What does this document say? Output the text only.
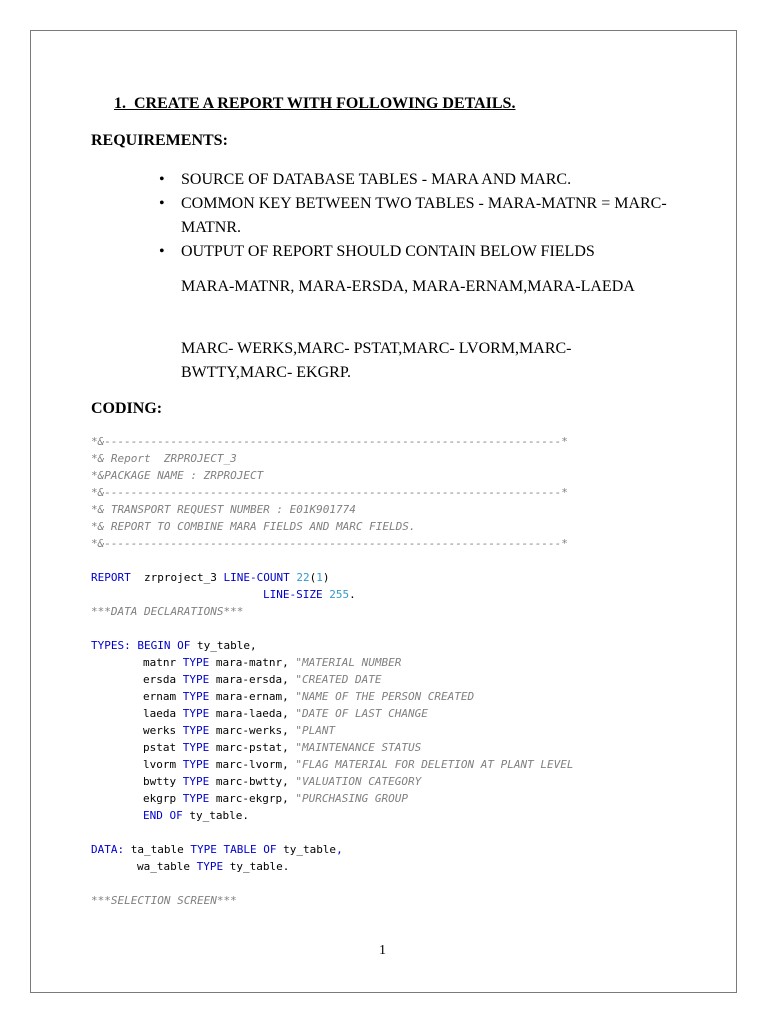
1.  CREATE A REPORT WITH FOLLOWING DETAILS.
REQUIREMENTS:
• SOURCE OF DATABASE TABLES - MARA AND MARC.
• COMMON KEY BETWEEN TWO TABLES - MARA-MATNR = MARC-MATNR.
• OUTPUT OF REPORT SHOULD CONTAIN BELOW FIELDS
MARA-MATNR, MARA-ERSDA, MARA-ERNAM,MARA-LAEDA
MARC- WERKS,MARC- PSTAT,MARC- LVORM,MARC-BWTTY,MARC- EKGRP.
CODING:
*&---------------------------------------------------------------------*
*& Report  ZRPROJECT_3
*&PACKAGE NAME : ZRPROJECT
*&---------------------------------------------------------------------*
*& TRANSPORT REQUEST NUMBER : E01K901774
*& REPORT TO COMBINE MARA FIELDS AND MARC FIELDS.
*&---------------------------------------------------------------------*
REPORT  zrproject_3 LINE-COUNT 22(1)
LINE-SIZE 255.
***DATA DECLARATIONS***
TYPES: BEGIN OF ty_table,
matnr TYPE mara-matnr, "MATERIAL NUMBER
ersda TYPE mara-ersda, "CREATED DATE
ernam TYPE mara-ernam, "NAME OF THE PERSON CREATED
laeda TYPE mara-laeda, "DATE OF LAST CHANGE
werks TYPE marc-werks, "PLANT
pstat TYPE marc-pstat, "MAINTENANCE STATUS
lvorm TYPE marc-lvorm, "FLAG MATERIAL FOR DELETION AT PLANT LEVEL
bwtty TYPE marc-bwtty, "VALUATION CATEGORY
ekgrp TYPE marc-ekgrp, "PURCHASING GROUP
END OF ty_table.
DATA: ta_table TYPE TABLE OF ty_table,
wa_table TYPE ty_table.
***SELECTION SCREEN***
1
